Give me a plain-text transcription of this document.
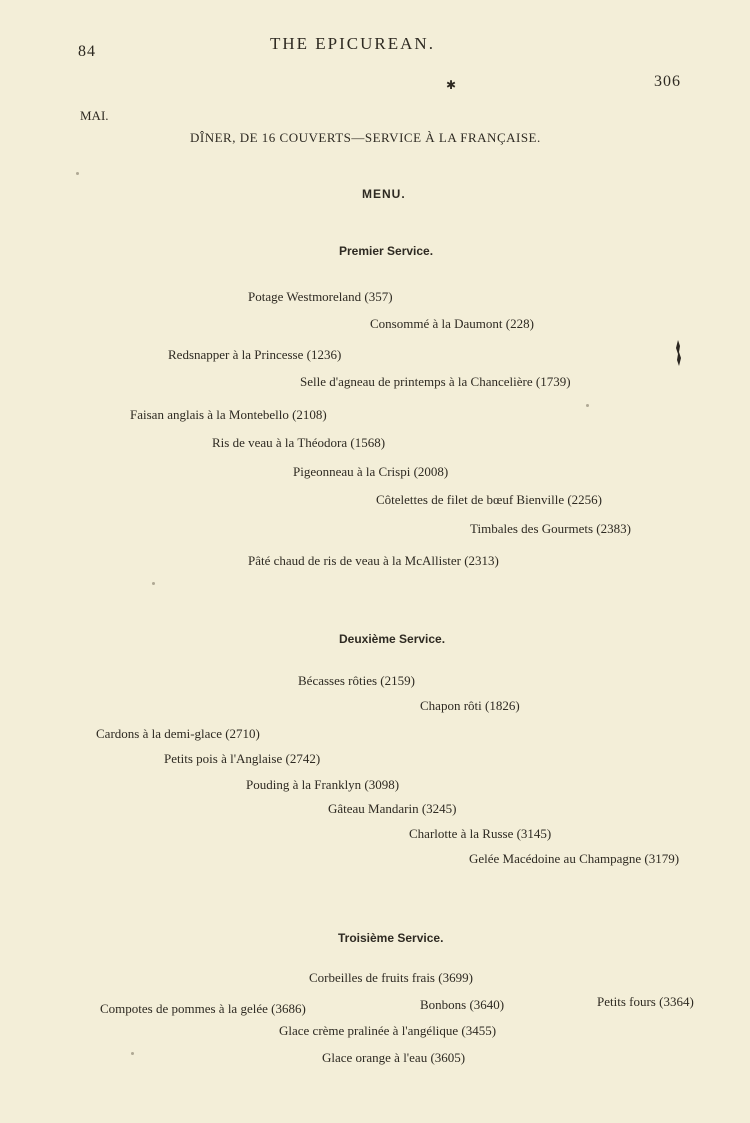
84	THE EPICUREAN.
✱	306
MAI.
DÎNER, DE 16 COUVERTS—SERVICE À LA FRANÇAISE.
MENU.
Premier Service.
Potage Westmoreland (357)
Consommé à la Daumont (228)
Redsnapper à la Princesse (1236)
Selle d'agneau de printemps à la Chancelière (1739)
Faisan anglais à la Montebello (2108)
Ris de veau à la Théodora (1568)
Pigeonneau à la Crispi (2008)
Côtelettes de filet de bœuf Bienville (2256)
Timbales des Gourmets (2383)
Pâté chaud de ris de veau à la McAllister (2313)
Deuxième Service.
Bécasses rôties (2159)
Chapon rôti (1826)
Cardons à la demi-glace (2710)
Petits pois à l'Anglaise (2742)
Pouding à la Franklyn (3098)
Gâteau Mandarin (3245)
Charlotte à la Russe (3145)
Gelée Macédoine au Champagne (3179)
Troisième Service.
Corbeilles de fruits frais (3699)
Compotes de pommes à la gelée (3686)	Bonbons (3640)	Petits fours (3364)
Glace crème pralinée à l'angélique (3455)
Glace orange à l'eau (3605)
